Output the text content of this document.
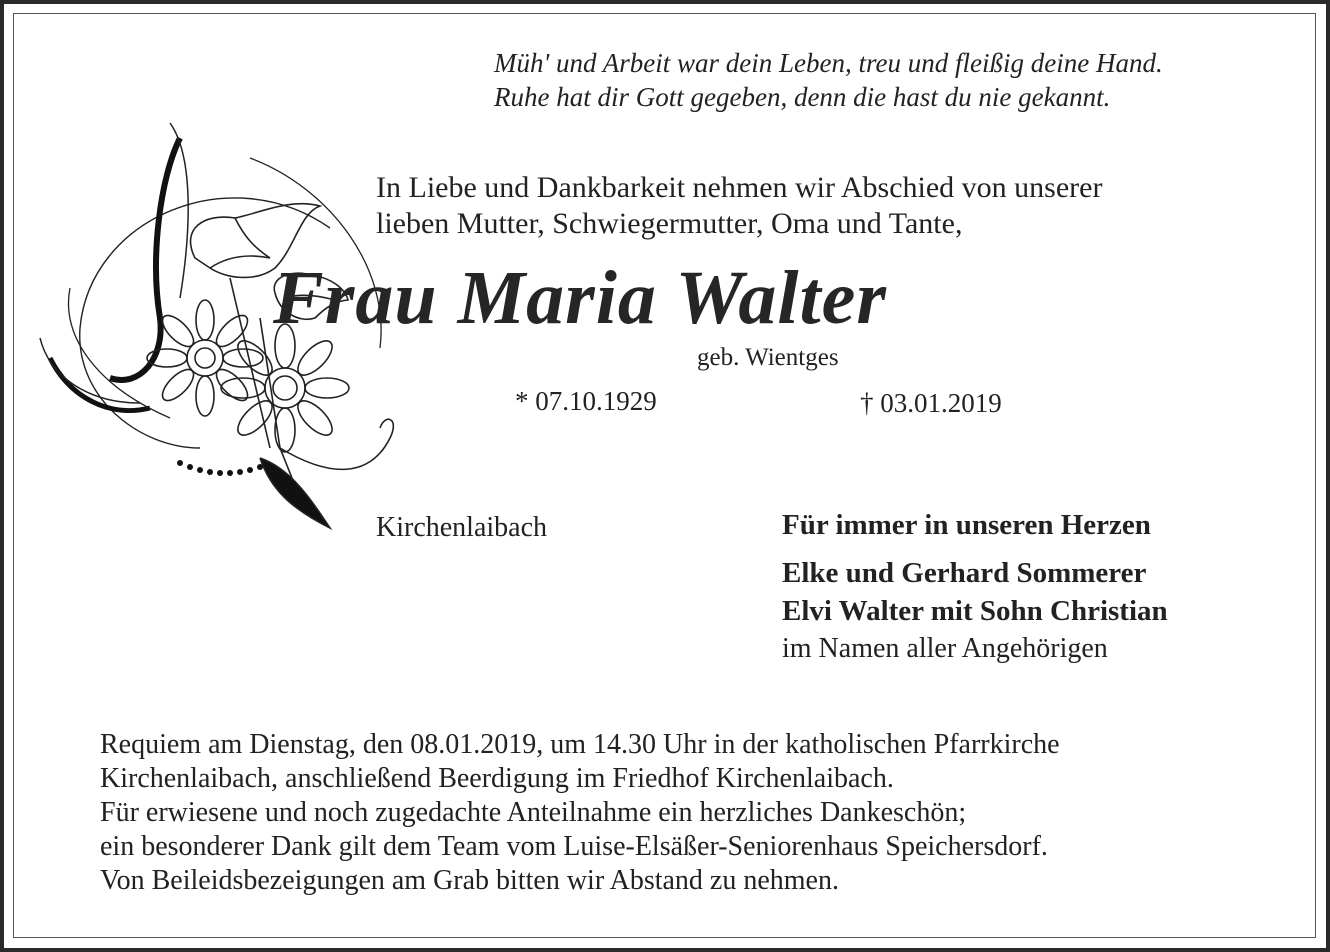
Müh' und Arbeit war dein Leben, treu und fleißig deine Hand.
Ruhe hat dir Gott gegeben, denn die hast du nie gekannt.
In Liebe und Dankbarkeit nehmen wir Abschied von unserer
lieben Mutter, Schwiegermutter, Oma und Tante,
Frau Maria Walter
geb. Wientges
* 07.10.1929	† 03.01.2019
Kirchenlaibach	Für immer in unseren Herzen
Elke und Gerhard Sommerer
Elvi Walter mit Sohn Christian
im Namen aller Angehörigen
Requiem am Dienstag, den 08.01.2019, um 14.30 Uhr in der katholischen Pfarrkirche
Kirchenlaibach, anschließend Beerdigung im Friedhof Kirchenlaibach.
Für erwiesene und noch zugedachte Anteilnahme ein herzliches Dankeschön;
ein besonderer Dank gilt dem Team vom Luise-Elsäßer-Seniorenhaus Speichersdorf.
Von Beileidsbezeigungen am Grab bitten wir Abstand zu nehmen.
